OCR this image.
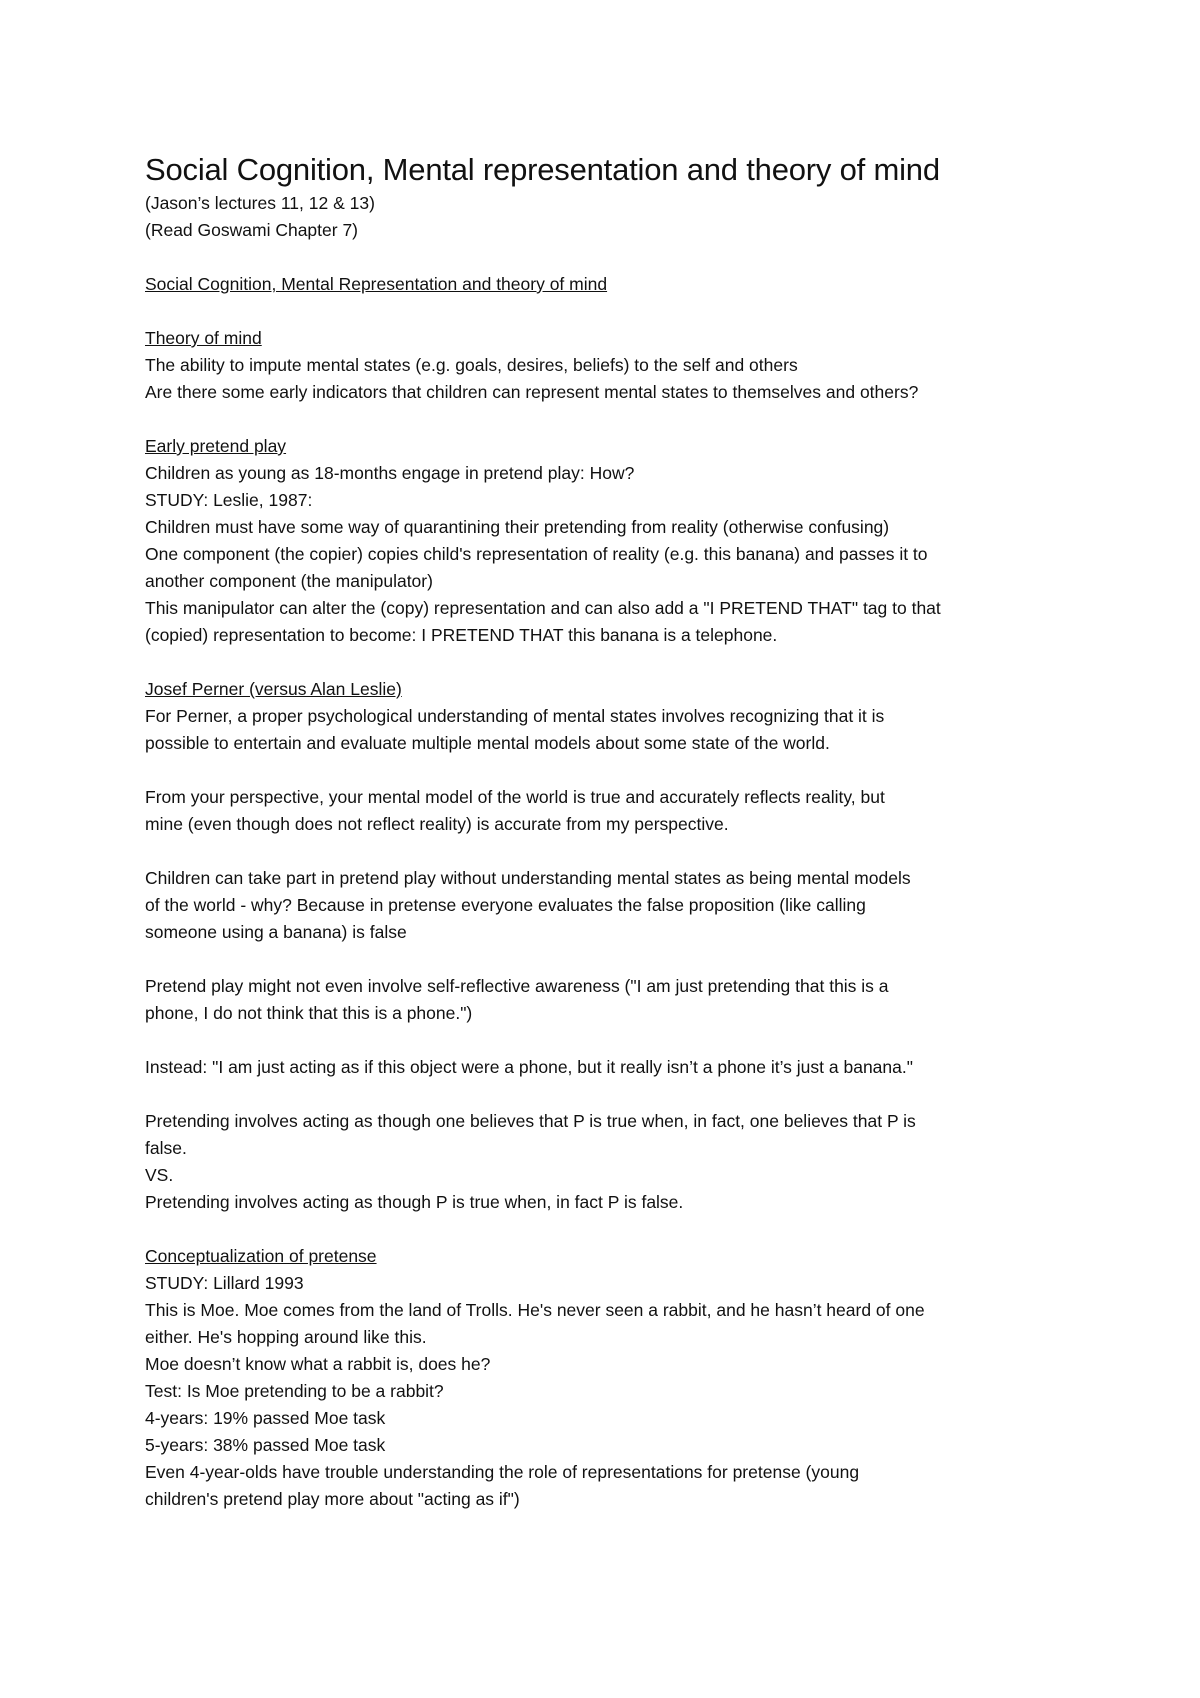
Social Cognition, Mental representation and theory of mind

(Jason’s lectures 11, 12 & 13)

(Read Goswami Chapter 7)

Social Cognition, Mental Representation and theory of mind

Theory of mind

The ability to impute mental states (e.g. goals, desires, beliefs) to the self and others

Are there some early indicators that children can represent mental states to themselves and others?

Early pretend play

Children as young as 18-months engage in pretend play: How?

STUDY: Leslie, 1987:

Children must have some way of quarantining their pretending from reality (otherwise confusing)

One component (the copier) copies child's representation of reality (e.g. this banana) and passes it to

another component (the manipulator)

This manipulator can alter the (copy) representation and can also add a "I PRETEND THAT" tag to that

(copied) representation to become: I PRETEND THAT this banana is a telephone.

Josef Perner (versus Alan Leslie)

For Perner, a proper psychological understanding of mental states involves recognizing that it is

possible to entertain and evaluate multiple mental models about some state of the world.

From your perspective, your mental model of the world is true and accurately reflects reality, but

mine (even though does not reflect reality) is accurate from my perspective.

Children can take part in pretend play without understanding mental states as being mental models

of the world - why? Because in pretense everyone evaluates the false proposition (like calling

someone using a banana) is false

Pretend play might not even involve self-reflective awareness ("I am just pretending that this is a

phone, I do not think that this is a phone.")

Instead: "I am just acting as if this object were a phone, but it really isn’t a phone it’s just a banana."

Pretending involves acting as though one believes that P is true when, in fact, one believes that P is

false.

VS.

Pretending involves acting as though P is true when, in fact P is false.

Conceptualization of pretense

STUDY: Lillard 1993

This is Moe. Moe comes from the land of Trolls. He's never seen a rabbit, and he hasn’t heard of one

either. He's hopping around like this.

Moe doesn’t know what a rabbit is, does he?

Test: Is Moe pretending to be a rabbit?

4-years: 19% passed Moe task

5-years: 38% passed Moe task

Even 4-year-olds have trouble understanding the role of representations for pretense (young

children's pretend play more about "acting as if")
